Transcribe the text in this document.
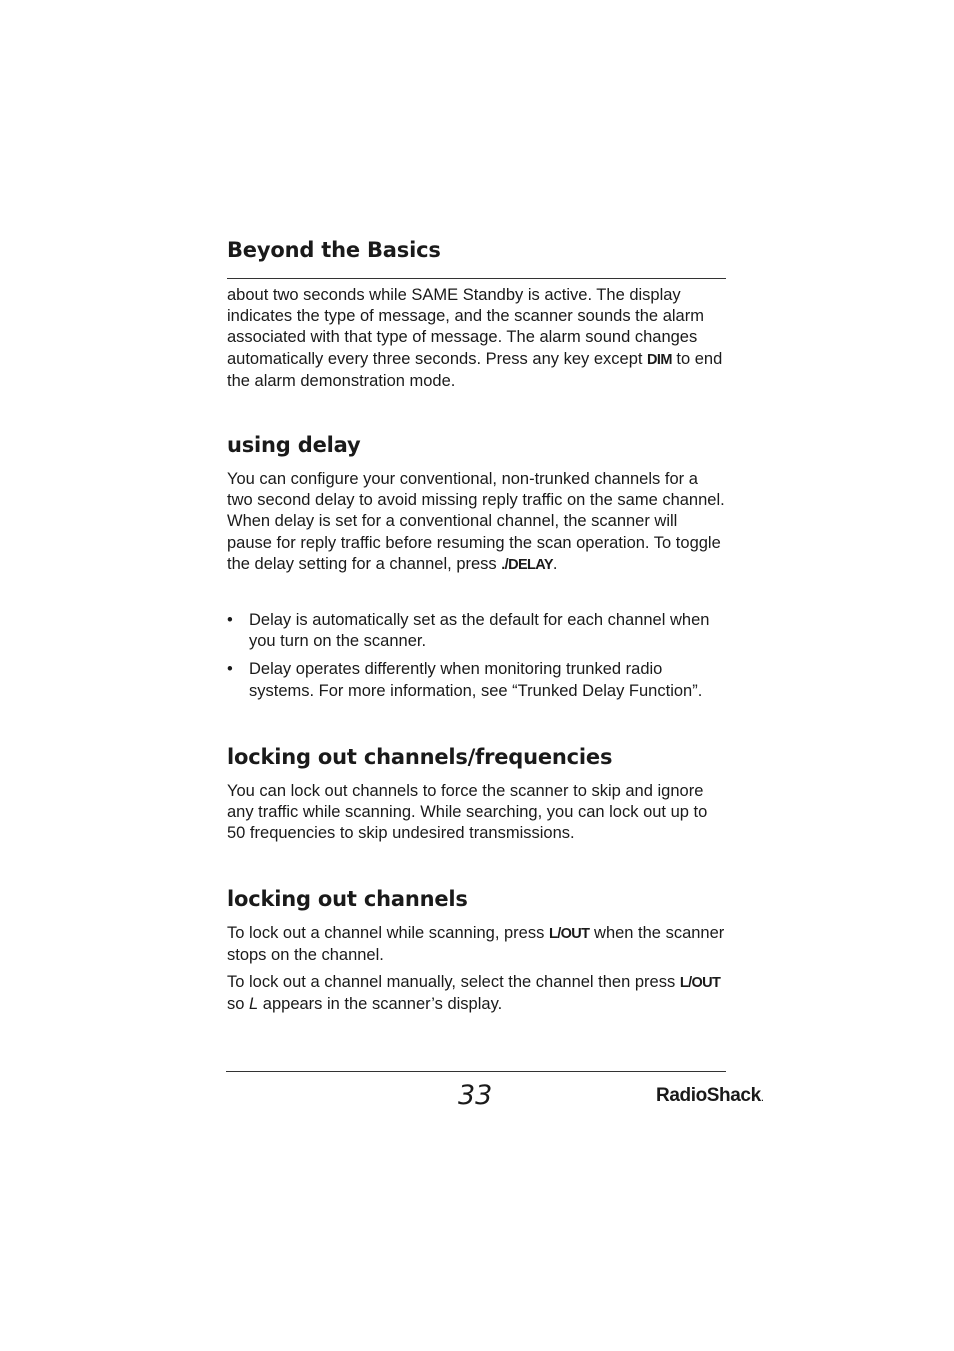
Beyond the Basics

about two seconds while SAME Standby is active. The display indicates the type of message, and the scanner sounds the alarm associated with that type of message. The alarm sound changes automatically every three seconds. Press any key except DIM to end the alarm demonstration mode.

using delay

You can configure your conventional, non-trunked channels for a two second delay to avoid missing reply traffic on the same channel. When delay is set for a conventional channel, the scanner will pause for reply traffic before resuming the scan operation. To toggle the delay setting for a channel, press ./DELAY.

• Delay is automatically set as the default for each channel when you turn on the scanner.
• Delay operates differently when monitoring trunked radio systems. For more information, see “Trunked Delay Function”.
locking out channels/frequencies

You can lock out channels to force the scanner to skip and ignore any traffic while scanning. While searching, you can lock out up to 50 frequencies to skip undesired transmissions.

locking out channels

To lock out a channel while scanning, press L/OUT when the scanner stops on the channel.

To lock out a channel manually, select the channel then press L/OUT so L appears in the scanner’s display.

33	RadioShack.
